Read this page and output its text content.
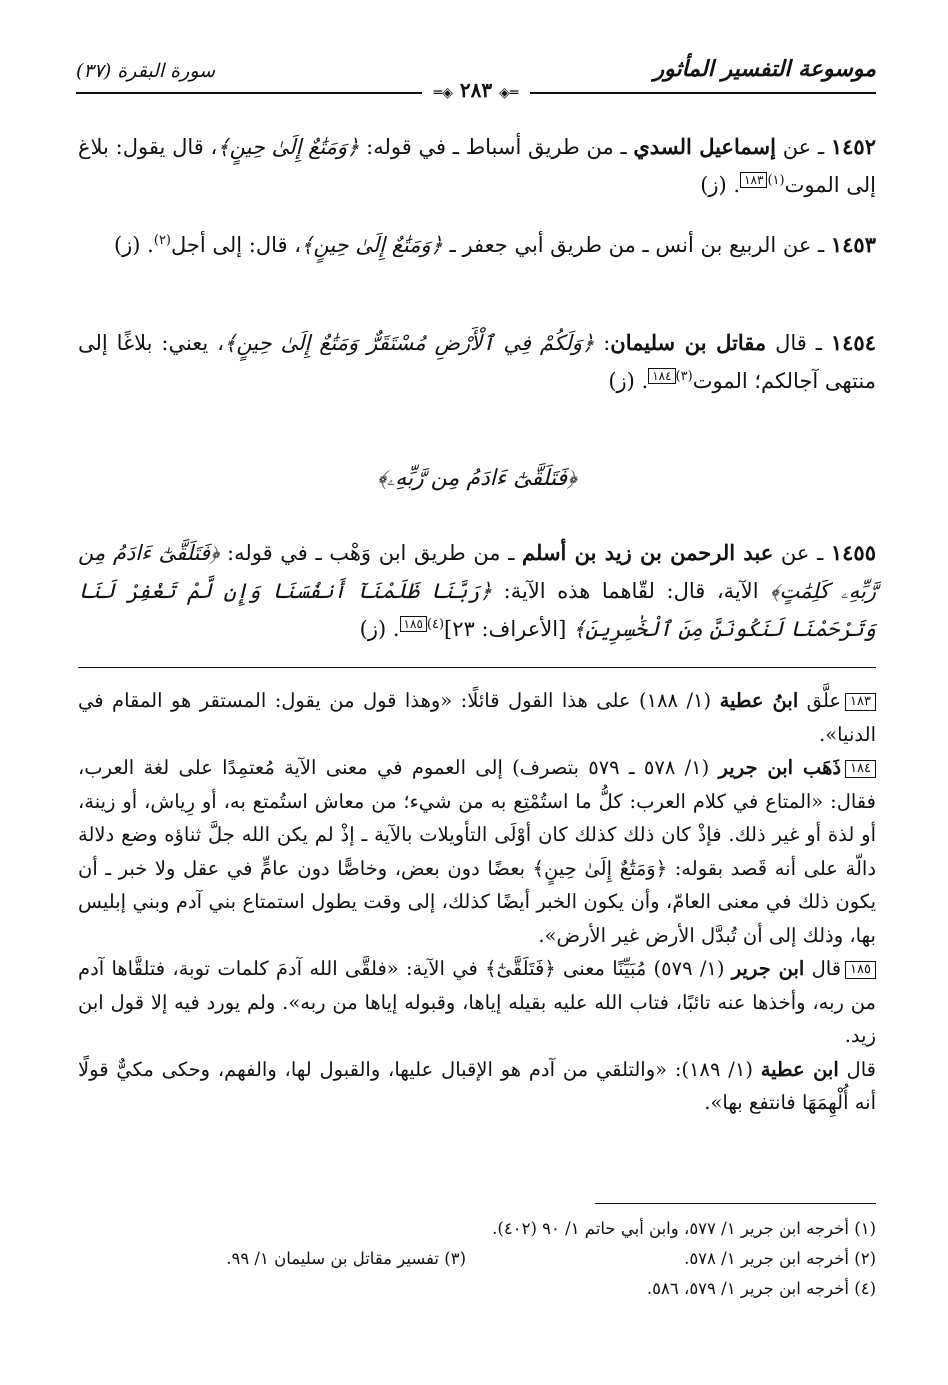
موسوعة التفسير المأثور
سورة البقرة (٣٧)
═◈ ٢٨٣ ◈═
١٤٥٢ ـ عن إسماعيل السدي ـ من طريق أسباط ـ في قوله: ﴿وَمَتَٰعٌ إِلَىٰ حِينٍ﴾، قال يقول: بلاغ إلى الموت$^{(١)}$١٨٣. (ز)
١٤٥٣ ـ عن الربيع بن أنس ـ من طريق أبي جعفر ـ ﴿وَمَتَٰعٌ إِلَىٰ حِينٍ﴾، قال: إلى أجل$^{(٢)}$. (ز)
١٤٥٤ ـ قال مقاتل بن سليمان: ﴿وَلَكُمْ فِي ٱلْأَرْضِ مُسْتَقَرٌّ وَمَتَٰعٌ إِلَىٰ حِينٍ﴾، يعني: بلاغًا إلى منتهى آجالكم؛ الموت$^{(٣)}$١٨٤. (ز)
﴿فَتَلَقَّىٰٓ ءَادَمُ مِن رَّبِّهِۦ﴾
١٤٥٥ ـ عن عبد الرحمن بن زيد بن أسلم ـ من طريق ابن وَهْب ـ في قوله: ﴿فَتَلَقَّىٰٓ ءَادَمُ مِن رَّبِّهِۦ كَلِمَٰتٍ﴾ الآية، قال: لقّاهما هذه الآية: ﴿رَبَّنَا ظَلَمْنَآ أَنفُسَنَا وَإِن لَّمْ تَغْفِرْ لَنَا وَتَرْحَمْنَا لَنَكُونَنَّ مِنَ ٱلْخَٰسِرِينَ﴾ [الأعراف: ٢٣]$^{(٤)}$١٨٥. (ز)
١٨٣علَّق ابنُ عطية (١/ ١٨٨) على هذا القول قائلًا: «وهذا قول من يقول: المستقر هو المقام في الدنيا».
١٨٤ذَهَب ابن جرير (١/ ٥٧٨ ـ ٥٧٩ بتصرف) إلى العموم في معنى الآية مُعتمِدًا على لغة العرب، فقال: «المتاع في كلام العرب: كلُّ ما استُمْتِع به من شيء؛ من معاش استُمتع به، أو رِياش، أو زينة، أو لذة أو غير ذلك. فإذْ كان ذلك كذلك كان أوْلَى التأويلات بالآية ـ إذْ لم يكن الله جلَّ ثناؤه وضع دلالة دالّة على أنه قَصد بقوله: ﴿وَمَتَٰعٌ إِلَىٰ حِينٍ﴾ بعضًا دون بعض، وخاصًّا دون عامٍّ في عقل ولا خبر ـ أن يكون ذلك في معنى العامّ، وأن يكون الخبر أيضًا كذلك، إلى وقت يطول استمتاع بني آدم وبني إبليس بها، وذلك إلى أن تُبدَّل الأرض غير الأرض».
١٨٥قال ابن جرير (١/ ٥٧٩) مُبَيِّنًا معنى ﴿فَتَلَقَّىٰٓ﴾ في الآية: «فلقَّى الله آدمَ كلمات توبة، فتلقَّاها آدم من ربه، وأخذها عنه تائبًا، فتاب الله عليه بقيله إياها، وقبوله إياها من ربه». ولم يورد فيه إلا قول ابن زيد.
قال ابن عطية (١/ ١٨٩): «والتلقي من آدم هو الإقبال عليها، والقبول لها، والفهم، وحكى مكيٌّ قولًا أنه أُلْهِمَهَا فانتفع بها».
(١) أخرجه ابن جرير ١/ ٥٧٧، وابن أبي حاتم ١/ ٩٠ (٤٠٢).
(٢) أخرجه ابن جرير ١/ ٥٧٨.
(٣) تفسير مقاتل بن سليمان ١/ ٩٩.
(٤) أخرجه ابن جرير ١/ ٥٧٩، ٥٨٦.
